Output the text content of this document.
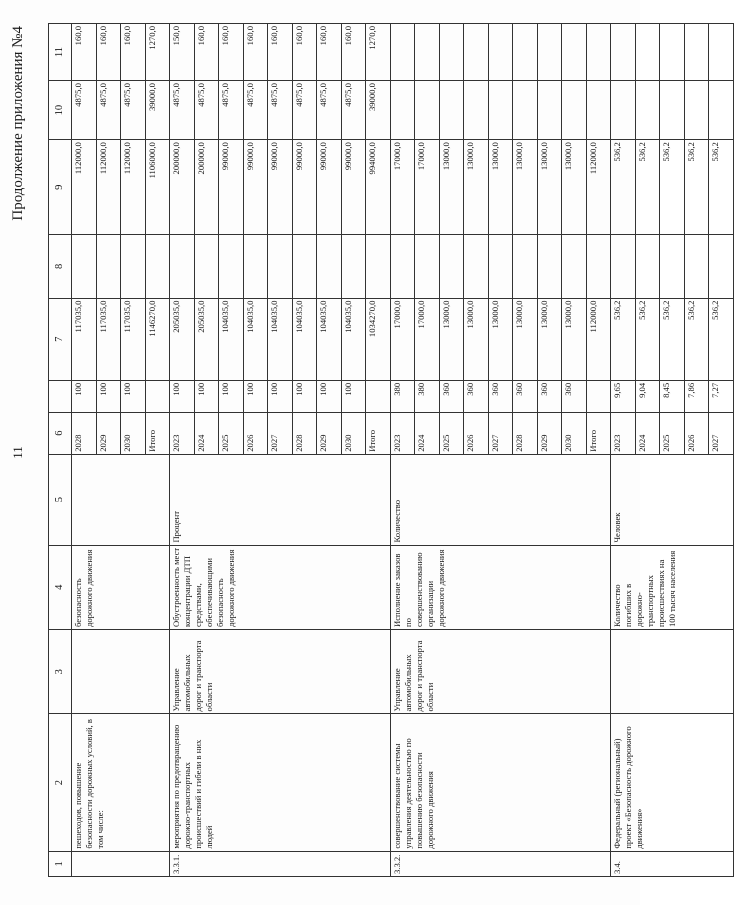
11
Продолжение приложения №4
1	2	3	4	5	6		7	8	9	10	11
	пешеходов, повышение безопасности дорожных условий, в том числе:		безопасность дорожного движения		2028	100	117035,0		112000,0	4875,0	160,0
					2029	100	117035,0		112000,0	4875,0	160,0
					2030	100	117035,0		112000,0	4875,0	160,0
					Итого		1146270,0		1106000,0	39000,0	1270,0
3.3.1.	мероприятия по предотвращению дорожно-транспортных происшествий и гибели в них людей	Управление автомобильных дорог и транспорта области	Обустроенность мест концентрации ДТП средствами, обеспечивающими безопасность дорожного движения	Процент	2023	100	205035,0		200000,0	4875,0	150,0
					2024	100	205035,0		200000,0	4875,0	160,0
					2025	100	104035,0		99000,0	4875,0	160,0
					2026	100	104035,0		99000,0	4875,0	160,0
					2027	100	104035,0		99000,0	4875,0	160,0
					2028	100	104035,0		99000,0	4875,0	160,0
					2029	100	104035,0		99000,0	4875,0	160,0
					2030	100	104035,0		99000,0	4875,0	160,0
					Итого		1034270,0		994000,0	39000,0	1270,0
3.3.2.	совершенствование системы управления деятельностью по повышению безопасности дорожного движения	Управление автомобильных дорог и транспорта области	Исполнение заказов по совершенствованию организации дорожного движения	Количество	2023	380	17000,0		17000,0		
					2024	380	17000,0		17000,0		
					2025	360	13000,0		13000,0		
					2026	360	13000,0		13000,0		
					2027	360	13000,0		13000,0		
					2028	360	13000,0		13000,0		
					2029	360	13000,0		13000,0		
					2030	360	13000,0		13000,0		
					Итого		112000,0		112000,0		
3.4.	Федеральный (региональный) проект «Безопасность дорожного движения»		Количество погибших в дорожно-транспортных происшествиях на 100 тысяч населения	Человек	2023	9,65	536,2		536,2		
					2024	9,04	536,2		536,2		
					2025	8,45	536,2		536,2		
					2026	7,86	536,2		536,2		
					2027	7,27	536,2		536,2		
